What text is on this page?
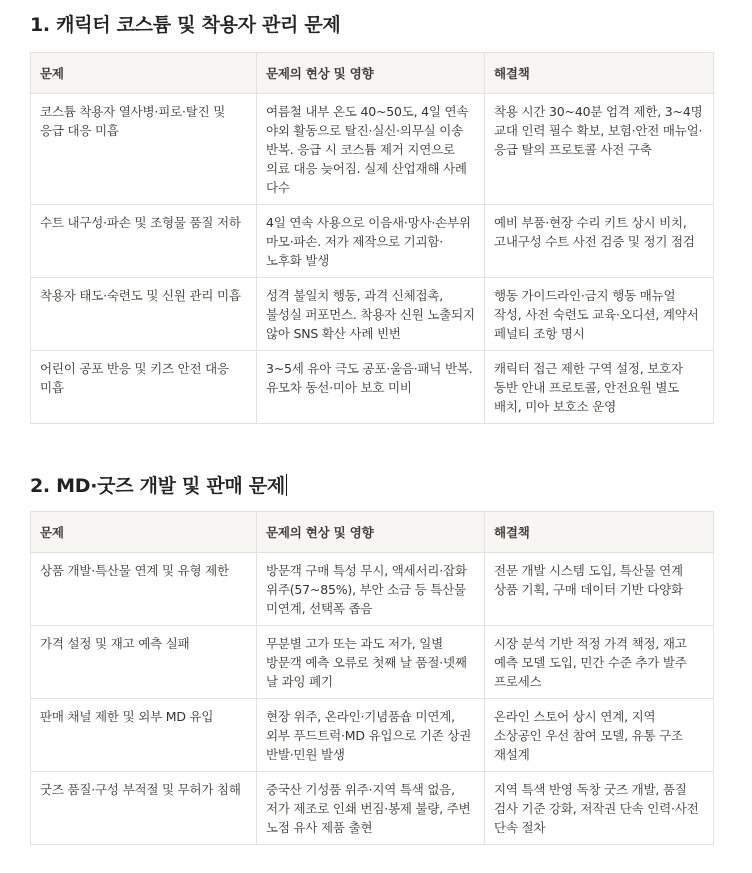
1. 캐릭터 코스튬 및 착용자 관리 문제
문제	문제의 현상 및 영향	해결책
코스튬 착용자 열사병·피로·탈진 및 응급 대응 미흡	여름철 내부 온도 40~50도, 4일 연속 야외 활동으로 탈진·실신·의무실 이송 반복. 응급 시 코스튬 제거 지연으로 의료 대응 늦어짐. 실제 산업재해 사례 다수	착용 시간 30~40분 엄격 제한, 3~4명 교대 인력 필수 확보, 보험·안전 매뉴얼·응급 탈의 프로토콜 사전 구축
수트 내구성·파손 및 조형물 품질 저하	4일 연속 사용으로 이음새·망사·손부위 마모·파손. 저가 제작으로 기괴함·노후화 발생	예비 부품·현장 수리 키트 상시 비치, 고내구성 수트 사전 검증 및 정기 점검
착용자 태도·숙련도 및 신원 관리 미흡	성격 불일치 행동, 과격 신체접촉, 불성실 퍼포먼스. 착용자 신원 노출되지 않아 SNS 확산 사례 빈번	행동 가이드라인·금지 행동 매뉴얼 작성, 사전 숙련도 교육·오디션, 계약서 페널티 조항 명시
어린이 공포 반응 및 키즈 안전 대응 미흡	3~5세 유아 극도 공포·울음·패닉 반복. 유모차 동선·미아 보호 미비	캐릭터 접근 제한 구역 설정, 보호자 동반 안내 프로토콜, 안전요원 별도 배치, 미아 보호소 운영
2. MD·굿즈 개발 및 판매 문제
문제	문제의 현상 및 영향	해결책
상품 개발·특산물 연계 및 유형 제한	방문객 구매 특성 무시, 액세서리·잡화 위주(57~85%), 부안 소금 등 특산물 미연계, 선택폭 좁음	전문 개발 시스템 도입, 특산물 연계 상품 기획, 구매 데이터 기반 다양화
가격 설정 및 재고 예측 실패	무분별 고가 또는 과도 저가, 일별 방문객 예측 오류로 첫째 날 품절·넷째 날 과잉 폐기	시장 분석 기반 적정 가격 책정, 재고 예측 모델 도입, 민간 수준 추가 발주 프로세스
판매 채널 제한 및 외부 MD 유입	현장 위주, 온라인·기념품숍 미연계, 외부 푸드트럭·MD 유입으로 기존 상권 반발·민원 발생	온라인 스토어 상시 연계, 지역 소상공인 우선 참여 모델, 유통 구조 재설계
굿즈 품질·구성 부적절 및 무허가 침해	중국산 기성품 위주·지역 특색 없음, 저가 제조로 인쇄 번짐·봉제 불량, 주변 노점 유사 제품 출현	지역 특색 반영 독창 굿즈 개발, 품질 검사 기준 강화, 저작권 단속 인력·사전 단속 절차
